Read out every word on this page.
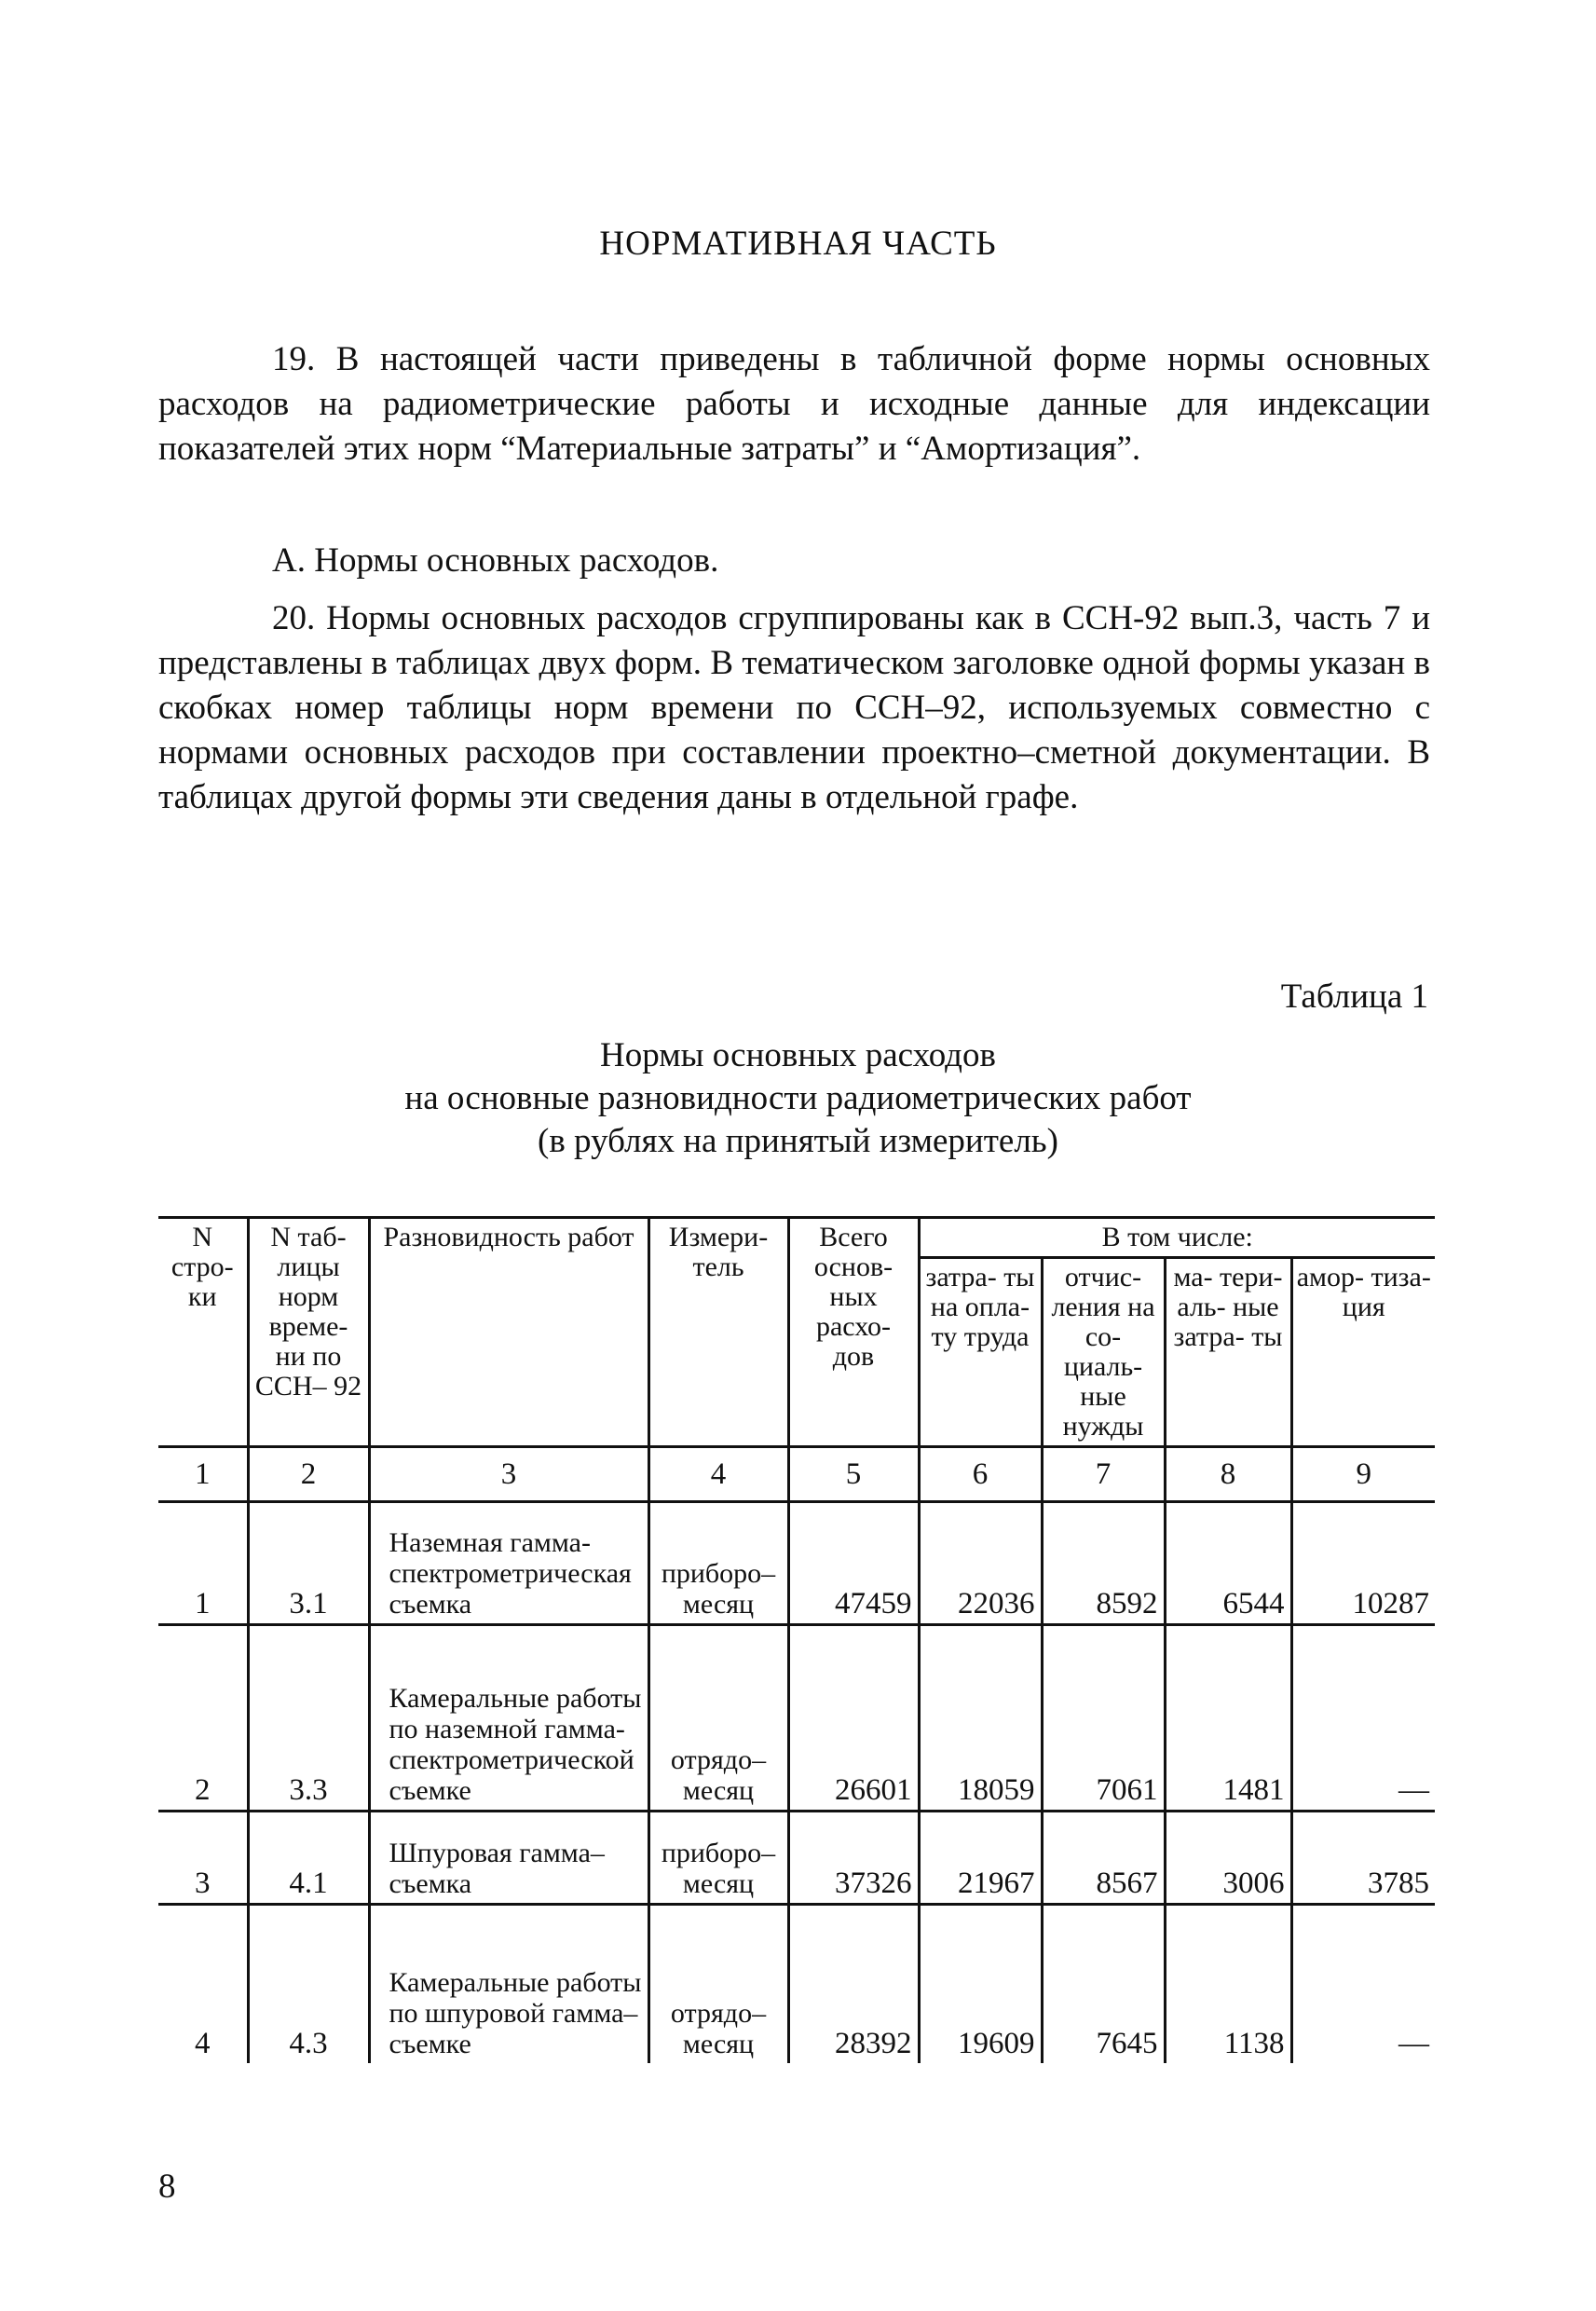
НОРМАТИВНАЯ ЧАСТЬ

19. В настоящей части приведены в табличной форме нормы основных расходов на радиометрические работы и исходные данные для индексации показателей этих норм “Материальные затраты” и “Амортизация”.

А. Нормы основных расходов.

20. Нормы основных расходов сгруппированы как в ССН-92 вып.3, часть 7 и представлены в таблицах двух форм. В тематическом заголовке одной формы указан в скобках номер таблицы норм времени по ССН–92, используемых совместно с нормами основных расходов при составлении проектно–сметной документации. В таблицах другой формы эти сведения даны в отдельной графе.

Таблица 1
Нормы основных расходов
на основные разновидности радиометрических работ
(в рублях на принятый измеритель)
N стро- ки	N таб- лицы норм време- ни по ССН– 92	Разновидность работ	Измери- тель	Всего основ- ных расхо- дов	В том числе:			
					затра- ты на опла- ту труда	отчис- ления на со- циаль- ные нужды	ма- тери- аль- ные затра- ты	амор- тиза- ция
1	2	3	4	5	6	7	8	9
1	3.1	Наземная гамма-спектрометрическая съемка	приборо–месяц	47459	22036	8592	6544	10287
2	3.3	Камеральные работы по наземной гамма-спектрометрической съемке	отрядо–месяц	26601	18059	7061	1481	—
3	4.1	Шпуровая гамма–съемка	приборо–месяц	37326	21967	8567	3006	3785
4	4.3	Камеральные работы по шпуровой гамма–съемке	отрядо–месяц	28392	19609	7645	1138	—
8
